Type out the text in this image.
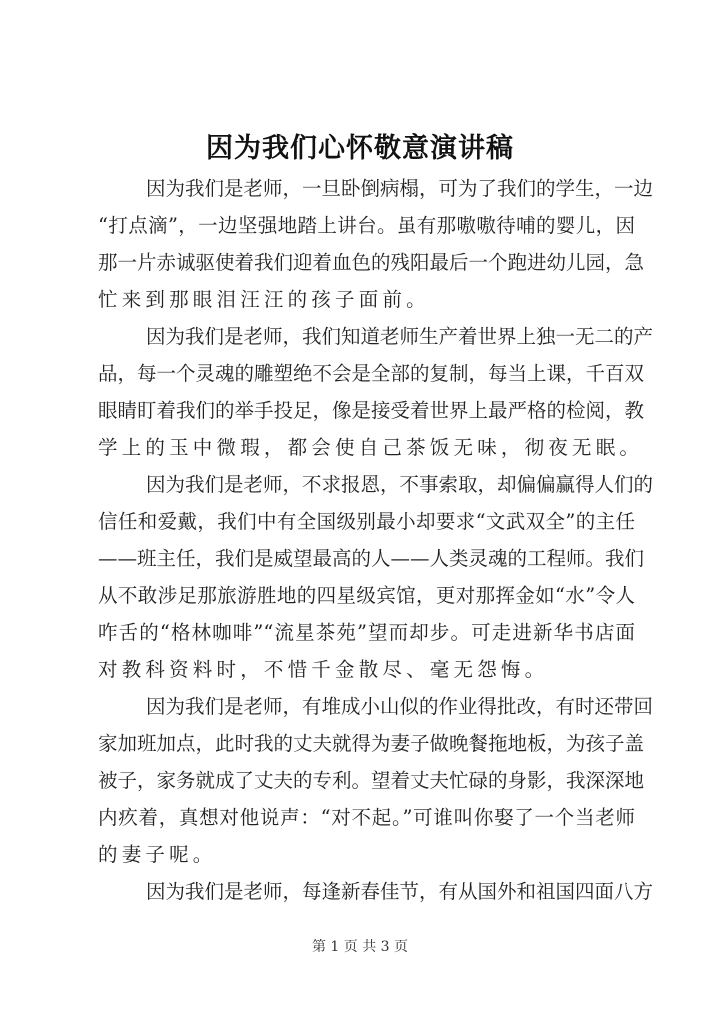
因为我们心怀敬意演讲稿
因为我们是老师，一旦卧倒病榻，可为了我们的学生，一边
“打点滴”，一边坚强地踏上讲台。虽有那嗷嗷待哺的婴儿，因
那一片赤诚驱使着我们迎着血色的残阳最后一个跑进幼儿园，急
忙来到那眼泪汪汪的孩子面前。
因为我们是老师，我们知道老师生产着世界上独一无二的产
品，每一个灵魂的雕塑绝不会是全部的复制，每当上课，千百双
眼睛盯着我们的举手投足，像是接受着世界上最严格的检阅，教
学上的玉中微瑕，都会使自己茶饭无味，彻夜无眠。
因为我们是老师，不求报恩，不事索取，却偏偏赢得人们的
信任和爱戴，我们中有全国级别最小却要求“文武双全”的主任
——班主任，我们是威望最高的人——人类灵魂的工程师。我们
从不敢涉足那旅游胜地的四星级宾馆，更对那挥金如“水”令人
咋舌的“格林咖啡”“流星茶苑”望而却步。可走进新华书店面
对教科资料时，不惜千金散尽、毫无怨悔。
因为我们是老师，有堆成小山似的作业得批改，有时还带回
家加班加点，此时我的丈夫就得为妻子做晚餐拖地板，为孩子盖
被子，家务就成了丈夫的专利。望着丈夫忙碌的身影，我深深地
内疚着，真想对他说声：“对不起。”可谁叫你娶了一个当老师
的妻子呢。
因为我们是老师，每逢新春佳节，有从国外和祖国四面八方
第 1 页 共 3 页
